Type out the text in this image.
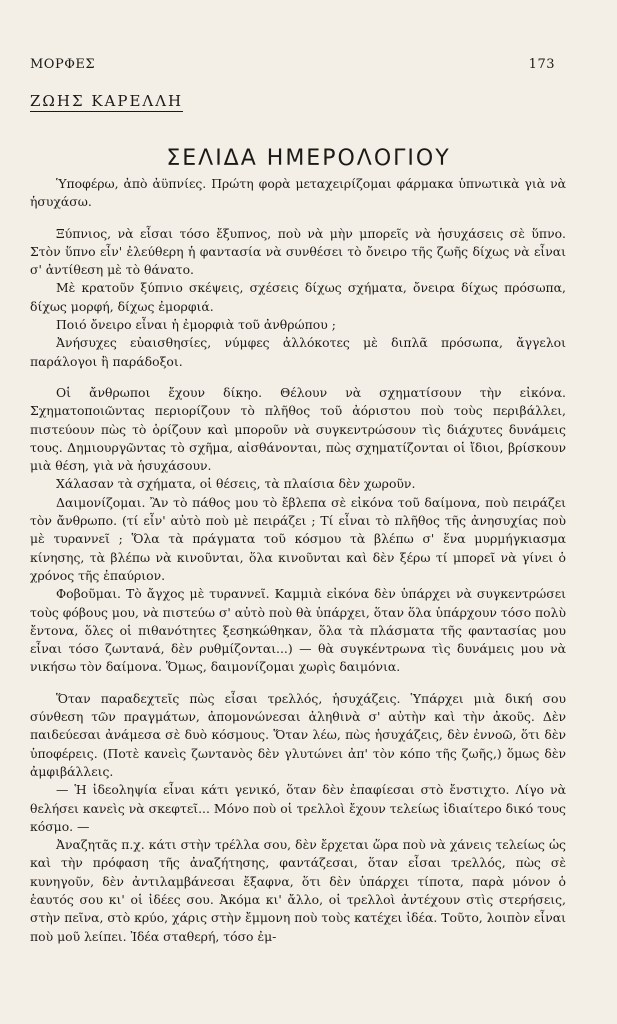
ΜΟΡΦΕΣ	173
ΖΩΗΣ ΚΑΡΕΛΛΗ
ΣΕΛΙΔΑ ΗΜΕΡΟΛΟΓΙΟΥ

Ὑποφέρω, ἀπὸ ἀϋπνίες. Πρώτη φορὰ μεταχειρίζομαι φάρμακα ὑπνωτικὰ γιὰ νὰ ἡσυχάσω.

Ξύπνιος, νὰ εἶσαι τόσο ἔξυπνος, ποὺ νὰ μὴν μπορεῖς νὰ ἡσυχάσεις σὲ ὕπνο. Στὸν ὕπνο εἶν' ἐλεύθερη ἡ φαντασία νὰ συνθέσει τὸ ὄνειρο τῆς ζωῆς δίχως νὰ εἶναι σ' ἀντίθεση μὲ τὸ θάνατο.

Μὲ κρατοῦν ξύπνιο σκέψεις, σχέσεις δίχως σχήματα, ὄνειρα δίχως πρόσωπα, δίχως μορφή, δίχως ἐμορφιά.

Ποιό ὄνειρο εἶναι ἡ ἐμορφιὰ τοῦ ἀνθρώπου ;

Ἀνήσυχες εὐαισθησίες, νύμφες ἀλλόκοτες μὲ διπλᾶ πρόσωπα, ἄγγελοι παράλογοι ἢ παράδοξοι.

Οἱ ἄνθρωποι ἔχουν δίκηο. Θέλουν νὰ σχηματίσουν τὴν εἰκόνα. Σχηματοποιῶντας περιορίζουν τὸ πλῆθος τοῦ ἀόριστου ποὺ τοὺς περιβάλλει, πιστεύουν πὼς τὸ ὁρίζουν καὶ μποροῦν νὰ συγκεντρώσουν τὶς διάχυτες δυνάμεις τους. Δημιουργῶντας τὸ σχῆμα, αἰσθάνονται, πὼς σχηματίζονται οἱ ἴδιοι, βρίσκουν μιὰ θέση, γιὰ νὰ ἡσυχάσουν.

Χάλασαν τὰ σχήματα, οἱ θέσεις, τὰ πλαίσια δὲν χωροῦν.

Δαιμονίζομαι. Ἂν τὸ πάθος μου τὸ ἔβλεπα σὲ εἰκόνα τοῦ δαίμονα, ποὺ πειράζει τὸν ἄνθρωπο. (τί εἶν' αὐτὸ ποὺ μὲ πειράζει ; Τί εἶναι τὸ πλῆθος τῆς ἀνησυχίας ποὺ μὲ τυραννεῖ ; Ὅλα τὰ πράγματα τοῦ κόσμου τὰ βλέπω σ' ἕνα μυρμήγκιασμα κίνησης, τὰ βλέπω νὰ κινοῦνται, ὅλα κινοῦνται καὶ δὲν ξέρω τί μπορεῖ νὰ γίνει ὁ χρόνος τῆς ἐπαύριον.

Φοβοῦμαι. Τὸ ἄγχος μὲ τυραννεῖ. Καμμιὰ εἰκόνα δὲν ὑπάρχει νὰ συγκεντρώσει τοὺς φόβους μου, νὰ πιστεύω σ' αὐτὸ ποὺ θὰ ὑπάρχει, ὅταν ὅλα ὑπάρχουν τόσο πολὺ ἔντονα, ὅλες οἱ πιθανότητες ξεσηκώθηκαν, ὅλα τὰ πλάσματα τῆς φαντασίας μου εἶναι τόσο ζωντανά, δὲν ρυθμίζονται...) — θὰ συγκέντρωνα τὶς δυνάμεις μου νὰ νικήσω τὸν δαίμονα. Ὅμως, δαιμονίζομαι χωρὶς δαιμόνια.

Ὅταν παραδεχτεῖς πὼς εἶσαι τρελλός, ἡσυχάζεις. Ὑπάρχει μιὰ δική σου σύνθεση τῶν πραγμάτων, ἀπομονώνεσαι ἀληθινὰ σ' αὐτὴν καὶ τὴν ἀκοῦς. Δὲν παιδεύεσαι ἀνάμεσα σὲ δυὸ κόσμους. Ὅταν λέω, πὼς ἡσυχάζεις, δὲν ἐννοῶ, ὅτι δὲν ὑποφέρεις. (Ποτὲ κανεὶς ζωντανὸς δὲν γλυτώνει ἀπ' τὸν κόπο τῆς ζωῆς,) ὅμως δὲν ἀμφιβάλλεις.

— Ἡ ἰδεοληψία εἶναι κάτι γενικό, ὅταν δὲν ἐπαφίεσαι στὸ ἔνστιχτο. Λίγο νὰ θελήσει κανεὶς νὰ σκεφτεῖ... Μόνο ποὺ οἱ τρελλοὶ ἔχουν τελείως ἰδιαίτερο δικό τους κόσμο. —

Ἀναζητᾶς π.χ. κάτι στὴν τρέλλα σου, δὲν ἔρχεται ὥρα ποὺ νὰ χάνεις τελείως ὡς καὶ τὴν πρόφαση τῆς ἀναζήτησης, φαντάζεσαι, ὅταν εἶσαι τρελλός, πὼς σὲ κυνηγοῦν, δὲν ἀντιλαμβάνεσαι ἔξαφνα, ὅτι δὲν ὑπάρχει τίποτα, παρὰ μόνον ὁ ἑαυτός σου κι' οἱ ἰδέες σου. Ἀκόμα κι' ἄλλο, οἱ τρελλοὶ ἀντέχουν στὶς στερήσεις, στὴν πεῖνα, στὸ κρύο, χάρις στὴν ἔμμονη ποὺ τοὺς κατέχει ἰδέα. Τοῦτο, λοιπὸν εἶναι ποὺ μοῦ λείπει. Ἰδέα σταθερή, τόσο ἐμ-
